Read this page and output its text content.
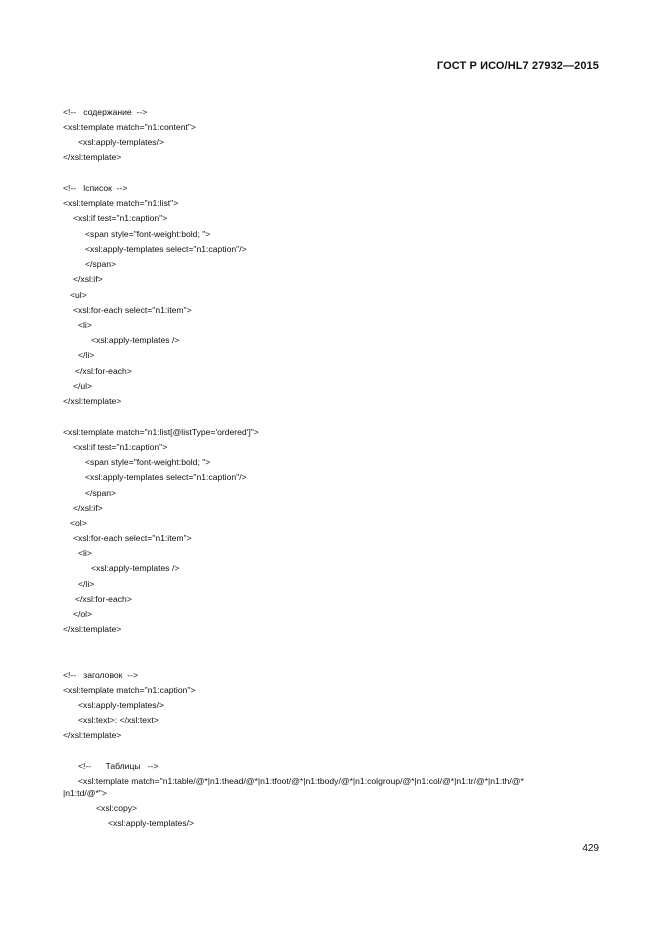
ГОСТ Р ИСО/HL7 27932—2015
<!--   содержание  -->
<xsl:template match="n1:content">
<xsl:apply-templates/>
</xsl:template>
<!--   lсписок  -->
<xsl:template match="n1:list">
<xsl:if test="n1:caption">
<span style="font-weight:bold; ">
<xsl:apply-templates select="n1:caption"/>
</span>
</xsl:if>
<ul>
<xsl:for-each select="n1:item">
<li>
<xsl:apply-templates />
</li>
</xsl:for-each>
</ul>
</xsl:template>
<xsl:template match="n1:list[@listType='ordered']">
<xsl:if test="n1:caption">
<span style="font-weight:bold; ">
<xsl:apply-templates select="n1:caption"/>
</span>
</xsl:if>
<ol>
<xsl:for-each select="n1:item">
<li>
<xsl:apply-templates />
</li>
</xsl:for-each>
</ol>
</xsl:template>
<!--   заголовок  -->
<xsl:template match="n1:caption">
<xsl:apply-templates/>
<xsl:text>: </xsl:text>
</xsl:template>
<!--      Таблицы   -->
<xsl:template match="n1:table/@*|n1:thead/@*|n1:tfoot/@*|n1:tbody/@*|n1:colgroup/@*|n1:col/@*|n1:tr/@*|n1:th/@*
|n1:td/@*">
<xsl:copy>
<xsl:apply-templates/>
429
